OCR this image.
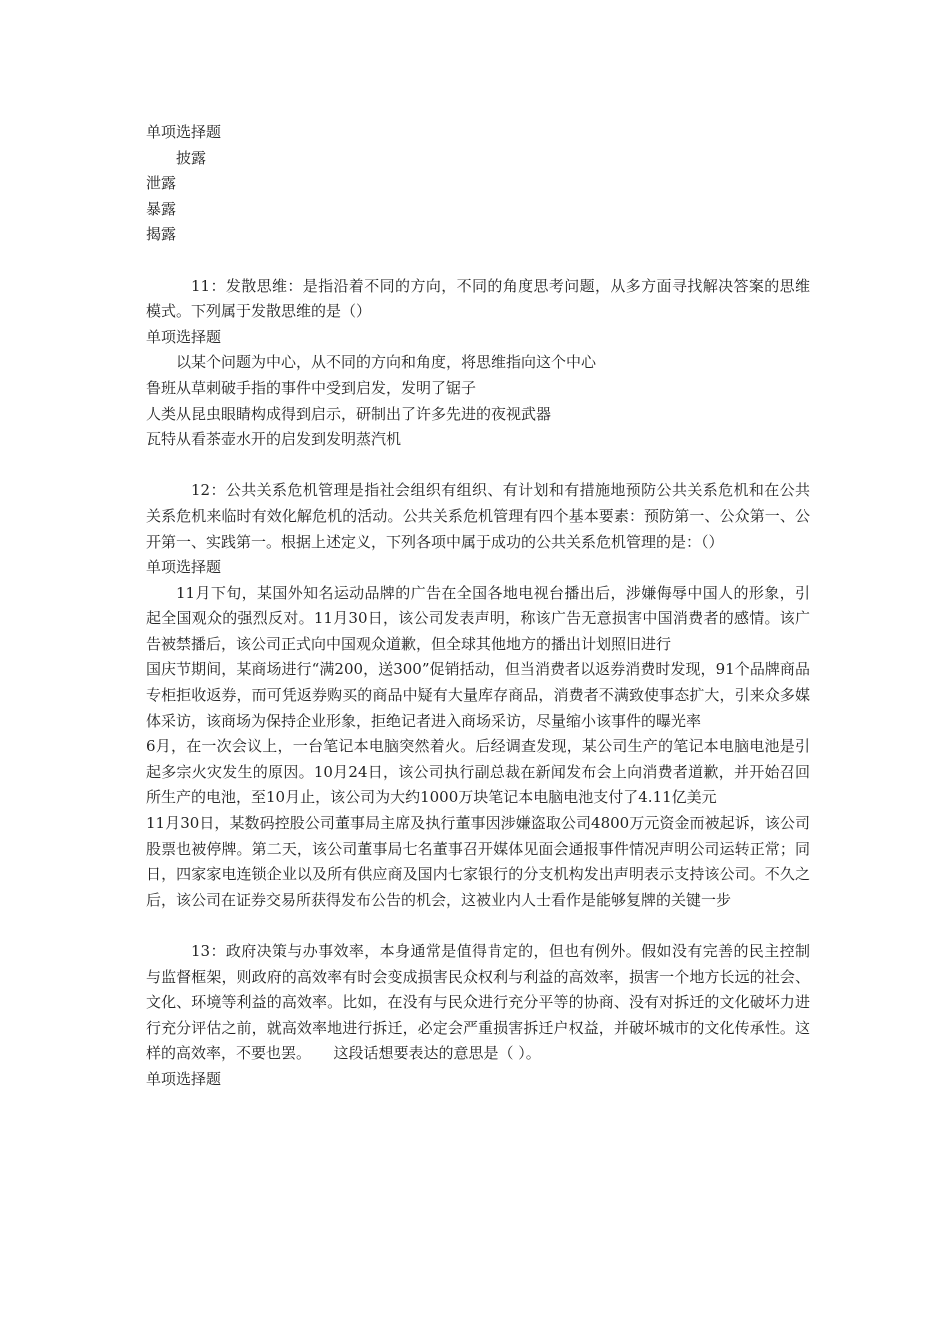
单项选择题
披露
泄露
暴露
揭露
11：发散思维：是指沿着不同的方向，不同的角度思考问题，从多方面寻找解决答案的思维模式。下列属于发散思维的是（）
单项选择题
以某个问题为中心，从不同的方向和角度，将思维指向这个中心
鲁班从草刺破手指的事件中受到启发，发明了锯子
人类从昆虫眼睛构成得到启示，研制出了许多先进的夜视武器
瓦特从看茶壶水开的启发到发明蒸汽机
12：公共关系危机管理是指社会组织有组织、有计划和有措施地预防公共关系危机和在公共关系危机来临时有效化解危机的活动。公共关系危机管理有四个基本要素：预防第一、公众第一、公开第一、实践第一。根据上述定义，下列各项中属于成功的公共关系危机管理的是：（）
单项选择题
11月下旬，某国外知名运动品牌的广告在全国各地电视台播出后，涉嫌侮辱中国人的形象，引起全国观众的强烈反对。11月30日，该公司发表声明，称该广告无意损害中国消费者的感情。该广告被禁播后，该公司正式向中国观众道歉，但全球其他地方的播出计划照旧进行
国庆节期间，某商场进行“满200，送300”促销括动，但当消费者以返券消费时发现，91个品牌商品专柜拒收返券，而可凭返券购买的商品中疑有大量库存商品，消费者不满致使事态扩大，引来众多媒体采访，该商场为保持企业形象，拒绝记者进入商场采访，尽量缩小该事件的曝光率
6月，在一次会议上，一台笔记本电脑突然着火。后经调查发现，某公司生产的笔记本电脑电池是引起多宗火灾发生的原因。10月24日，该公司执行副总裁在新闻发布会上向消费者道歉，并开始召回所生产的电池，至10月止，该公司为大约1000万块笔记本电脑电池支付了4.11亿美元
11月30日，某数码控股公司董事局主席及执行董事因涉嫌盗取公司4800万元资金而被起诉，该公司股票也被停牌。第二天，该公司董事局七名董事召开媒体见面会通报事件情况声明公司运转正常；同日，四家家电连锁企业以及所有供应商及国内七家银行的分支机构发出声明表示支持该公司。不久之后，该公司在证券交易所获得发布公告的机会，这被业内人士看作是能够复牌的关键一步
13：政府决策与办事效率，本身通常是值得肯定的，但也有例外。假如没有完善的民主控制与监督框架，则政府的高效率有时会变成损害民众权利与利益的高效率，损害一个地方长远的社会、文化、环境等利益的高效率。比如，在没有与民众进行充分平等的协商、没有对拆迁的文化破坏力进行充分评估之前，就高效率地进行拆迁，必定会严重损害拆迁户权益，并破坏城市的文化传承性。这样的高效率，不要也罢。　　这段话想要表达的意思是（ ）。
单项选择题
